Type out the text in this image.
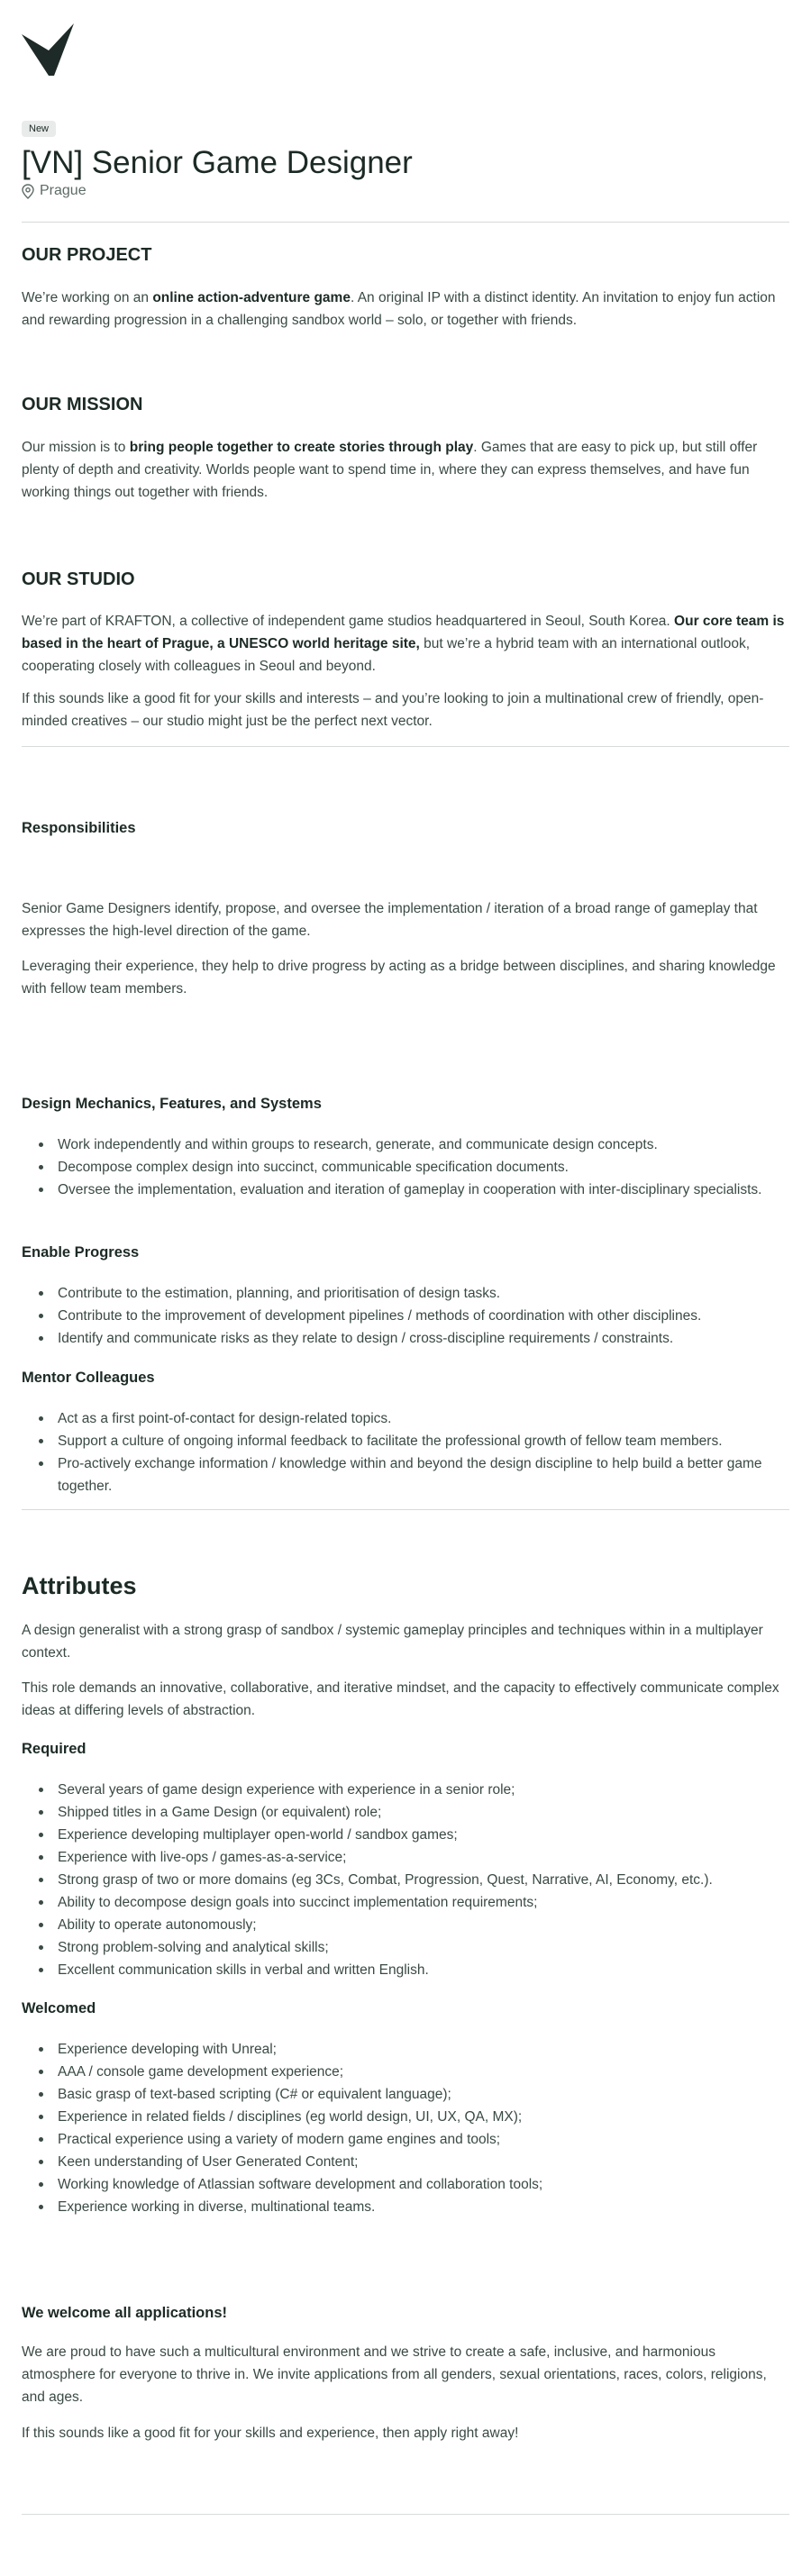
New
[VN] Senior Game Designer
Prague
OUR PROJECT

We’re working on an online action-adventure game. An original IP with a distinct identity. An invitation to enjoy fun action and rewarding progression in a challenging sandbox world – solo, or together with friends.

OUR MISSION

Our mission is to bring people together to create stories through play. Games that are easy to pick up, but still offer plenty of depth and creativity. Worlds people want to spend time in, where they can express themselves, and have fun working things out together with friends.

OUR STUDIO

We’re part of KRAFTON, a collective of independent game studios headquartered in Seoul, South Korea. Our core team is based in the heart of Prague, a UNESCO world heritage site, but we’re a hybrid team with an international outlook, cooperating closely with colleagues in Seoul and beyond.

If this sounds like a good fit for your skills and interests – and you’re looking to join a multinational crew of friendly, open-minded creatives – our studio might just be the perfect next vector.

Responsibilities

Senior Game Designers identify, propose, and oversee the implementation / iteration of a broad range of gameplay that expresses the high-level direction of the game.

Leveraging their experience, they help to drive progress by acting as a bridge between disciplines, and sharing knowledge with fellow team members.

Design Mechanics, Features, and Systems
Work independently and within groups to research, generate, and communicate design concepts.
Decompose complex design into succinct, communicable specification documents.
Oversee the implementation, evaluation and iteration of gameplay in cooperation with inter-disciplinary specialists.
Enable Progress
Contribute to the estimation, planning, and prioritisation of design tasks.
Contribute to the improvement of development pipelines / methods of coordination with other disciplines.
Identify and communicate risks as they relate to design / cross-discipline requirements / constraints.
Mentor Colleagues
Act as a first point-of-contact for design-related topics.
Support a culture of ongoing informal feedback to facilitate the professional growth of fellow team members.
Pro-actively exchange information / knowledge within and beyond the design discipline to help build a better game together.
Attributes

A design generalist with a strong grasp of sandbox / systemic gameplay principles and techniques within in a multiplayer context.

This role demands an innovative, collaborative, and iterative mindset, and the capacity to effectively communicate complex ideas at differing levels of abstraction.

Required
Several years of game design experience with experience in a senior role;
Shipped titles in a Game Design (or equivalent) role;
Experience developing multiplayer open-world / sandbox games;
Experience with live-ops / games-as-a-service;
Strong grasp of two or more domains (eg 3Cs, Combat, Progression, Quest, Narrative, AI, Economy, etc.).
Ability to decompose design goals into succinct implementation requirements;
Ability to operate autonomously;
Strong problem-solving and analytical skills;
Excellent communication skills in verbal and written English.
Welcomed
Experience developing with Unreal;
AAA / console game development experience;
Basic grasp of text-based scripting (C# or equivalent language);
Experience in related fields / disciplines (eg world design, UI, UX, QA, MX);
Practical experience using a variety of modern game engines and tools;
Keen understanding of User Generated Content;
Working knowledge of Atlassian software development and collaboration tools;
Experience working in diverse, multinational teams.
We welcome all applications!

We are proud to have such a multicultural environment and we strive to create a safe, inclusive, and harmonious atmosphere for everyone to thrive in. We invite applications from all genders, sexual orientations, races, colors, religions, and ages.

If this sounds like a good fit for your skills and experience, then apply right away!
